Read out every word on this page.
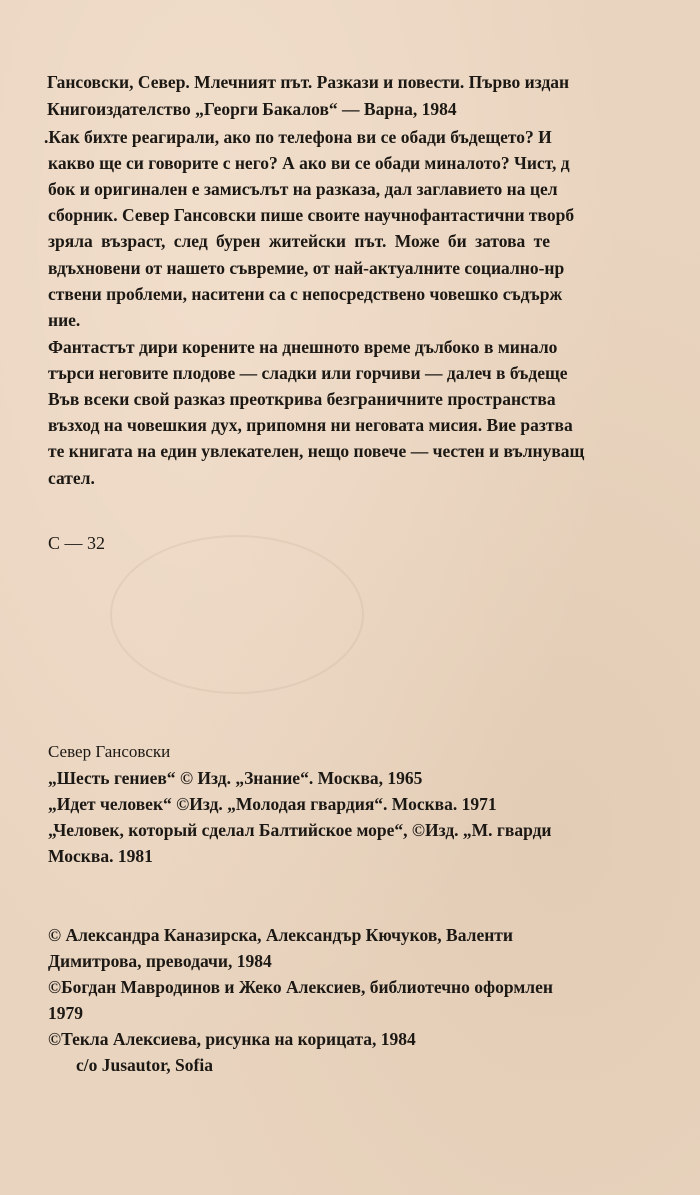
Гансовски, Север. Млечният път. Разкази и повести. Първо издан
Книгоиздателство „Георги Бакалов“ — Варна, 1984
.Как бихте реагирали, ако по телефона ви се обади бъдещето? И
какво ще си говорите с него? А ако ви се обади миналото? Чист, д
бок и оригинален е замисълът на разказа, дал заглавието на цел
сборник. Север Гансовски пише своите научнофантастични творб
зряла възраст, след бурен житейски път. Може би затова те
вдъхновени от нашето съвремие, от най-актуалните социално-нр
ствени проблеми, наситени са с непосредствено човешко съдърж
ние.
Фантастът дири корените на днешното време дълбоко в минало
търси неговите плодове — сладки или горчиви — далеч в бъдеще
Във всеки свой разказ преоткрива безграничните пространства
възход на човешкия дух, припомня ни неговата мисия. Вие разтва
те книгата на един увлекателен, нещо повече — честен и вълнуващ
сател.
С — 32
Север Гансовски
„Шесть гениев“ © Изд. „Знание“. Москва, 1965
„Идет человек“ ©Изд. „Молодая гвардия“. Москва. 1971
„Человек, который сделал Балтийское море“, ©Изд. „М. гварди
Москва. 1981
© Александра Каназирска, Александър Кючуков, Валенти
Димитрова, преводачи, 1984
©Богдан Мавродинов и Жеко Алексиев, библиотечно оформлен
1979
©Текла Алексиева, рисунка на корицата, 1984
c/o Jusautor, Sofia
